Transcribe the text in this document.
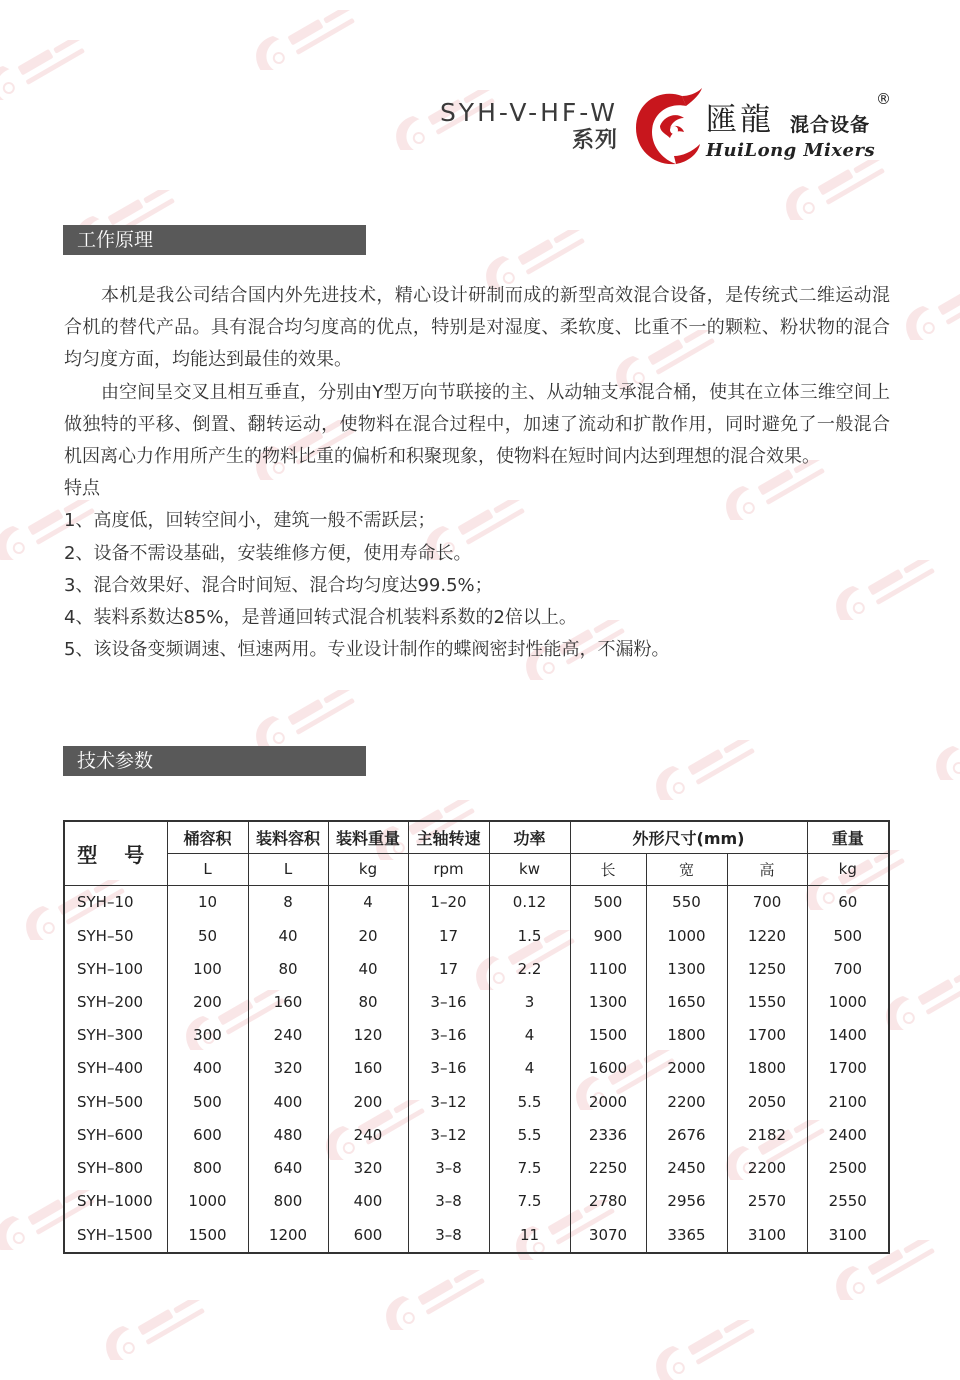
SYH-V-HF-W
系列
匯龍 混合设备
®
HuiLong Mixers
工作原理

本机是我公司结合国内外先进技术，精心设计研制而成的新型高效混合设备，是传统式二维运动混合机的替代产品。具有混合均匀度高的优点，特别是对湿度、柔软度、比重不一的颗粒、粉状物的混合均匀度方面，均能达到最佳的效果。

由空间呈交叉且相互垂直，分别由Y型万向节联接的主、从动轴支承混合桶，使其在立体三维空间上做独特的平移、倒置、翻转运动，使物料在混合过程中，加速了流动和扩散作用，同时避免了一般混合机因离心力作用所产生的物料比重的偏析和积聚现象，使物料在短时间内达到理想的混合效果。

特点

1、高度低，回转空间小，建筑一般不需跃层；

2、设备不需设基础，安装维修方便，使用寿命长。

3、混合效果好、混合时间短、混合均匀度达99.5%；

4、装料系数达85%，是普通回转式混合机装料系数的2倍以上。

5、该设备变频调速、恒速两用。专业设计制作的蝶阀密封性能高，不漏粉。

技术参数
型 号	桶容积	装料容积	装料重量	主轴转速	功率	外形尺寸(mm)			重量
	L	L	kg	rpm	kw	长	宽	高	kg
SYH–10	10	8	4	1–20	0.12	500	550	700	60
SYH–50	50	40	20	17	1.5	900	1000	1220	500
SYH–100	100	80	40	17	2.2	1100	1300	1250	700
SYH–200	200	160	80	3–16	3	1300	1650	1550	1000
SYH–300	300	240	120	3–16	4	1500	1800	1700	1400
SYH–400	400	320	160	3–16	4	1600	2000	1800	1700
SYH–500	500	400	200	3–12	5.5	2000	2200	2050	2100
SYH–600	600	480	240	3–12	5.5	2336	2676	2182	2400
SYH–800	800	640	320	3–8	7.5	2250	2450	2200	2500
SYH–1000	1000	800	400	3–8	7.5	2780	2956	2570	2550
SYH–1500	1500	1200	600	3–8	11	3070	3365	3100	3100
